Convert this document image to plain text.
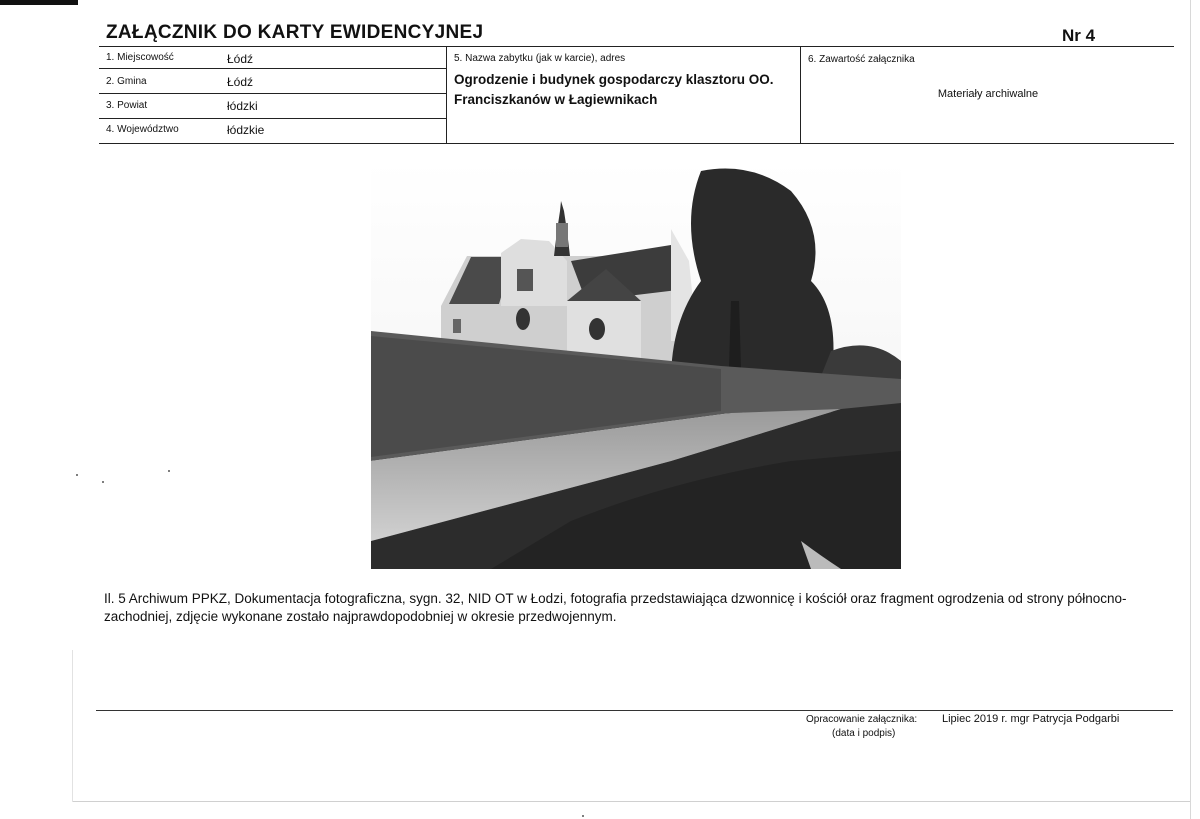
ZAŁĄCZNIK DO KARTY EWIDENCYJNEJ	Nr 4
1. Miejscowość	Łódź
2. Gmina	Łódź
3. Powiat	łódzki
4. Województwo	łódzkie
5. Nazwa zabytku (jak w karcie), adres
Ogrodzenie i budynek gospodarczy klasztoru OO. Franciszkanów w Łagiewnikach
6. Zawartość załącznika
Materiały archiwalne
Il. 5 Archiwum PPKZ, Dokumentacja fotograficzna, sygn. 32, NID OT w Łodzi, fotografia przedstawiająca dzwonnicę i kościół oraz fragment ogrodzenia od strony północno- zachodniej, zdjęcie wykonane zostało najprawdopodobniej w okresie przedwojennym.
Opracowanie załącznika: Lipiec 2019 r. mgr Patrycja Podgarbi
(data i podpis)
